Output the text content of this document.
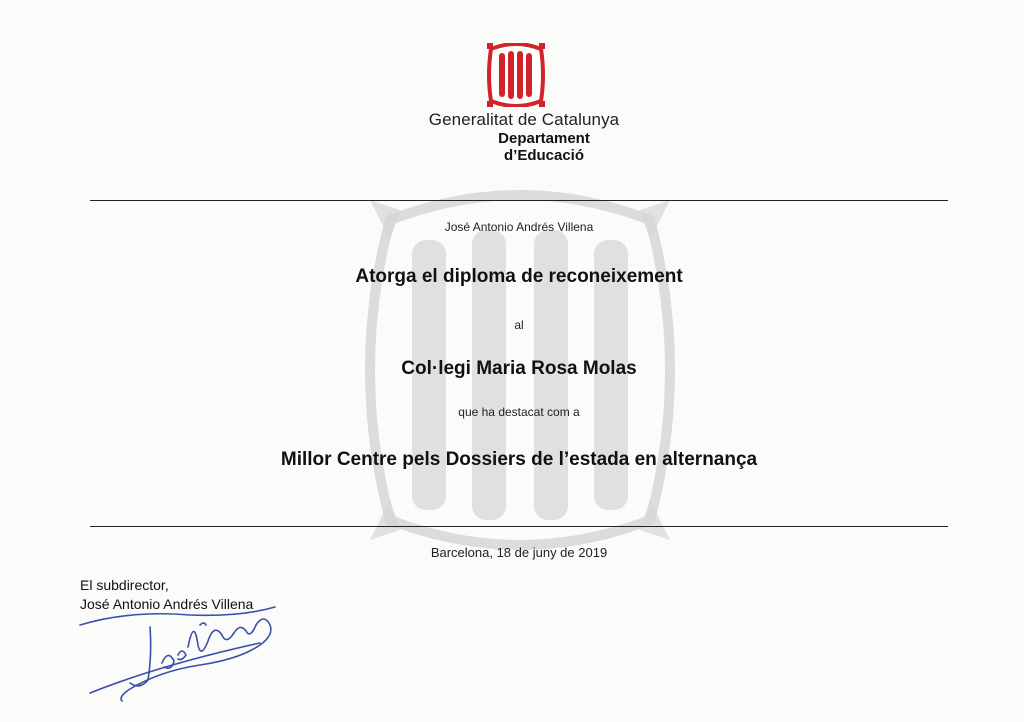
Generalitat de Catalunya
Departament
d’Educació
José Antonio Andrés Villena
Atorga el diploma de reconeixement
al
Col·legi Maria Rosa Molas
que ha destacat com a
Millor Centre pels Dossiers de l’estada en alternança
Barcelona, 18 de juny de 2019
El subdirector,
José Antonio Andrés Villena
